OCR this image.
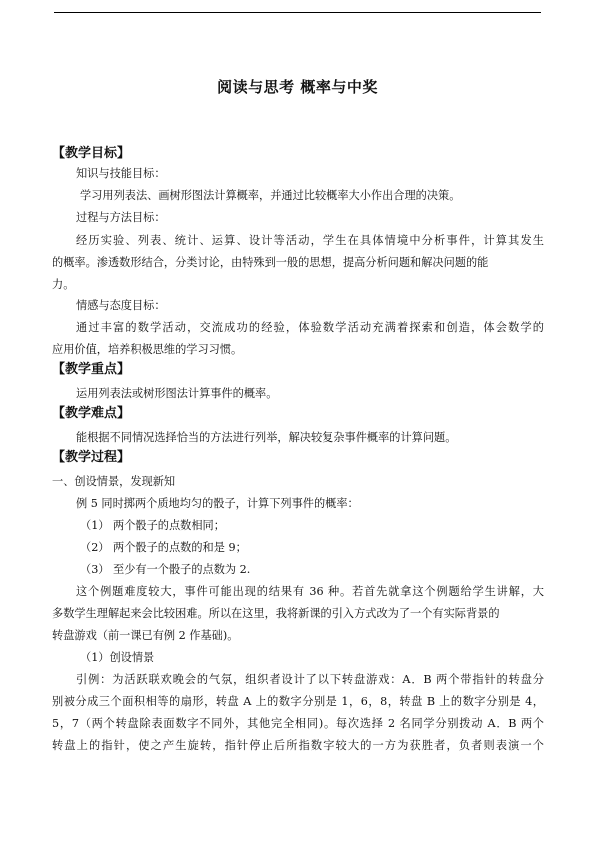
阅读与思考 概率与中奖
【教学目标】
知识与技能目标：
学习用列表法、画树形图法计算概率，并通过比较概率大小作出合理的决策。
过程与方法目标：
经历实验、列表、统计、运算、设计等活动，学生在具体情境中分析事件，计算其发生
的概率。渗透数形结合，分类讨论，由特殊到一般的思想，提高分析问题和解决问题的能
力。
情感与态度目标：
通过丰富的数学活动，交流成功的经验，体验数学活动充满着探索和创造，体会数学的
应用价值，培养积极思维的学习习惯。
【教学重点】
运用列表法或树形图法计算事件的概率。
【教学难点】
能根据不同情况选择恰当的方法进行列举，解决较复杂事件概率的计算问题。
【教学过程】
一、创设情景，发现新知
例 5 同时掷两个质地均匀的骰子，计算下列事件的概率：
（1） 两个骰子的点数相同；
（2） 两个骰子的点数的和是 9；
（3） 至少有一个骰子的点数为 2.
这个例题难度较大，事件可能出现的结果有 36 种。若首先就拿这个例题给学生讲解，大
多数学生理解起来会比较困难。所以在这里，我将新课的引入方式改为了一个有实际背景的
转盘游戏（前一课已有例 2 作基础)。
（1）创设情景
引例：为活跃联欢晚会的气氛，组织者设计了以下转盘游戏：A．B 两个带指针的转盘分
别被分成三个面积相等的扇形，转盘 A 上的数字分别是 1，6，8，转盘 B 上的数字分别是 4，
5，7（两个转盘除表面数字不同外，其他完全相同)。每次选择 2 名同学分别拨动 A．B 两个
转盘上的指针，使之产生旋转，指针停止后所指数字较大的一方为获胜者，负者则表演一个
